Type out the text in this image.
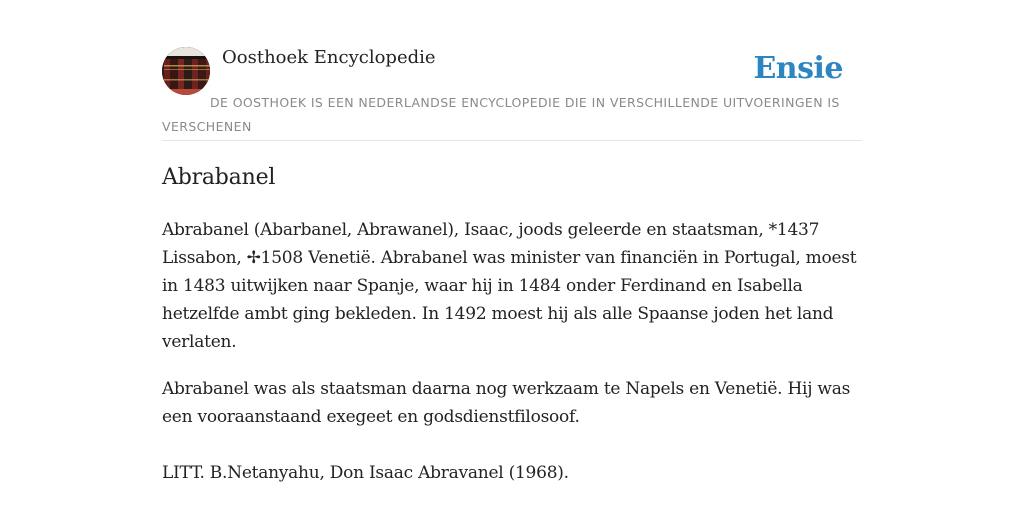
Oosthoek Encyclopedie	Ensie
DE OOSTHOEK IS EEN NEDERLANDSE ENCYCLOPEDIE DIE IN VERSCHILLENDE UITVOERINGEN IS VERSCHENEN
Abrabanel

Abrabanel (Abarbanel, Abrawanel), Isaac, joods geleerde en staatsman, *1437 Lissabon, ✢1508 Venetië. Abrabanel was minister van financiën in Portugal, moest in 1483 uitwijken naar Spanje, waar hij in 1484 onder Ferdinand en Isabella hetzelfde ambt ging bekleden. In 1492 moest hij als alle Spaanse joden het land verlaten.

Abrabanel was als staatsman daarna nog werkzaam te Napels en Venetië. Hij was een vooraanstaand exegeet en godsdienstfilosoof.

LITT. B.Netanyahu, Don Isaac Abravanel (1968).
